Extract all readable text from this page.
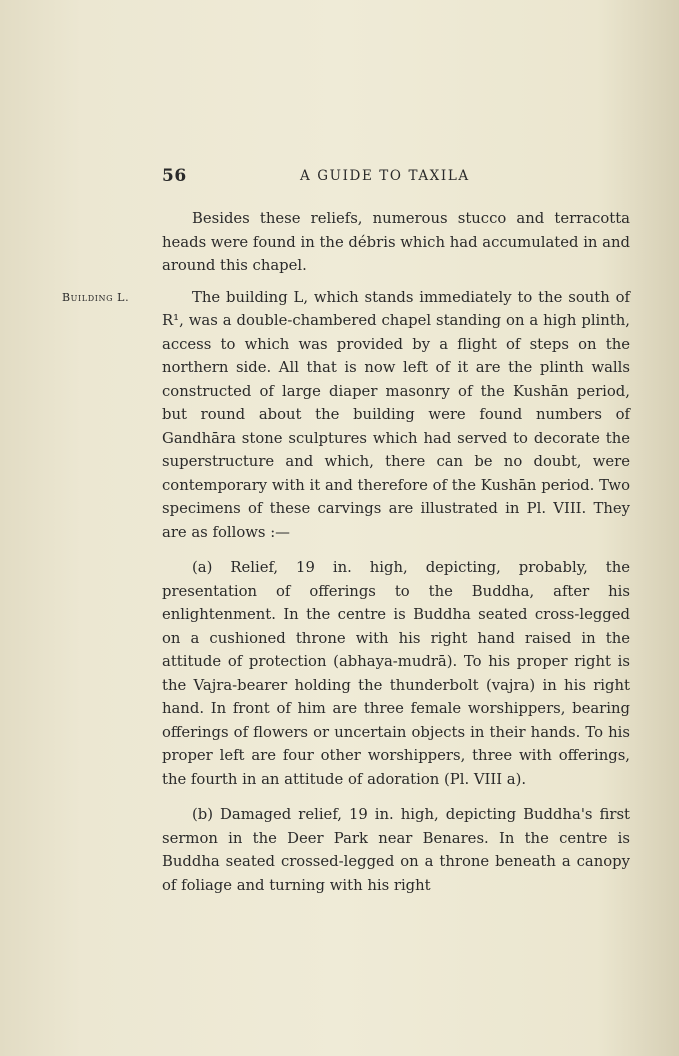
56	A GUIDE TO TAXILA
Building L.

Besides these reliefs, numerous stucco and terracotta heads were found in the débris which had accumulated in and around this chapel.

The building L, which stands immediately to the south of R¹, was a double-chambered chapel standing on a high plinth, access to which was provided by a flight of steps on the northern side. All that is now left of it are the plinth walls constructed of large diaper masonry of the Kushān period, but round about the building were found numbers of Gandhāra stone sculptures which had served to decorate the superstructure and which, there can be no doubt, were contemporary with it and therefore of the Kushān period. Two specimens of these carvings are illustrated in Pl. VIII. They are as follows :—

(a) Relief, 19 in. high, depicting, probably, the presentation of offerings to the Buddha, after his enlightenment. In the centre is Buddha seated cross-legged on a cushioned throne with his right hand raised in the attitude of protection (abhaya-mudrā). To his proper right is the Vajra-bearer holding the thunderbolt (vajra) in his right hand. In front of him are three female worshippers, bearing offerings of flowers or uncertain objects in their hands. To his proper left are four other worshippers, three with offerings, the fourth in an attitude of adoration (Pl. VIII a).

(b) Damaged relief, 19 in. high, depicting Buddha's first sermon in the Deer Park near Benares. In the centre is Buddha seated crossed-legged on a throne beneath a canopy of foliage and turning with his right
